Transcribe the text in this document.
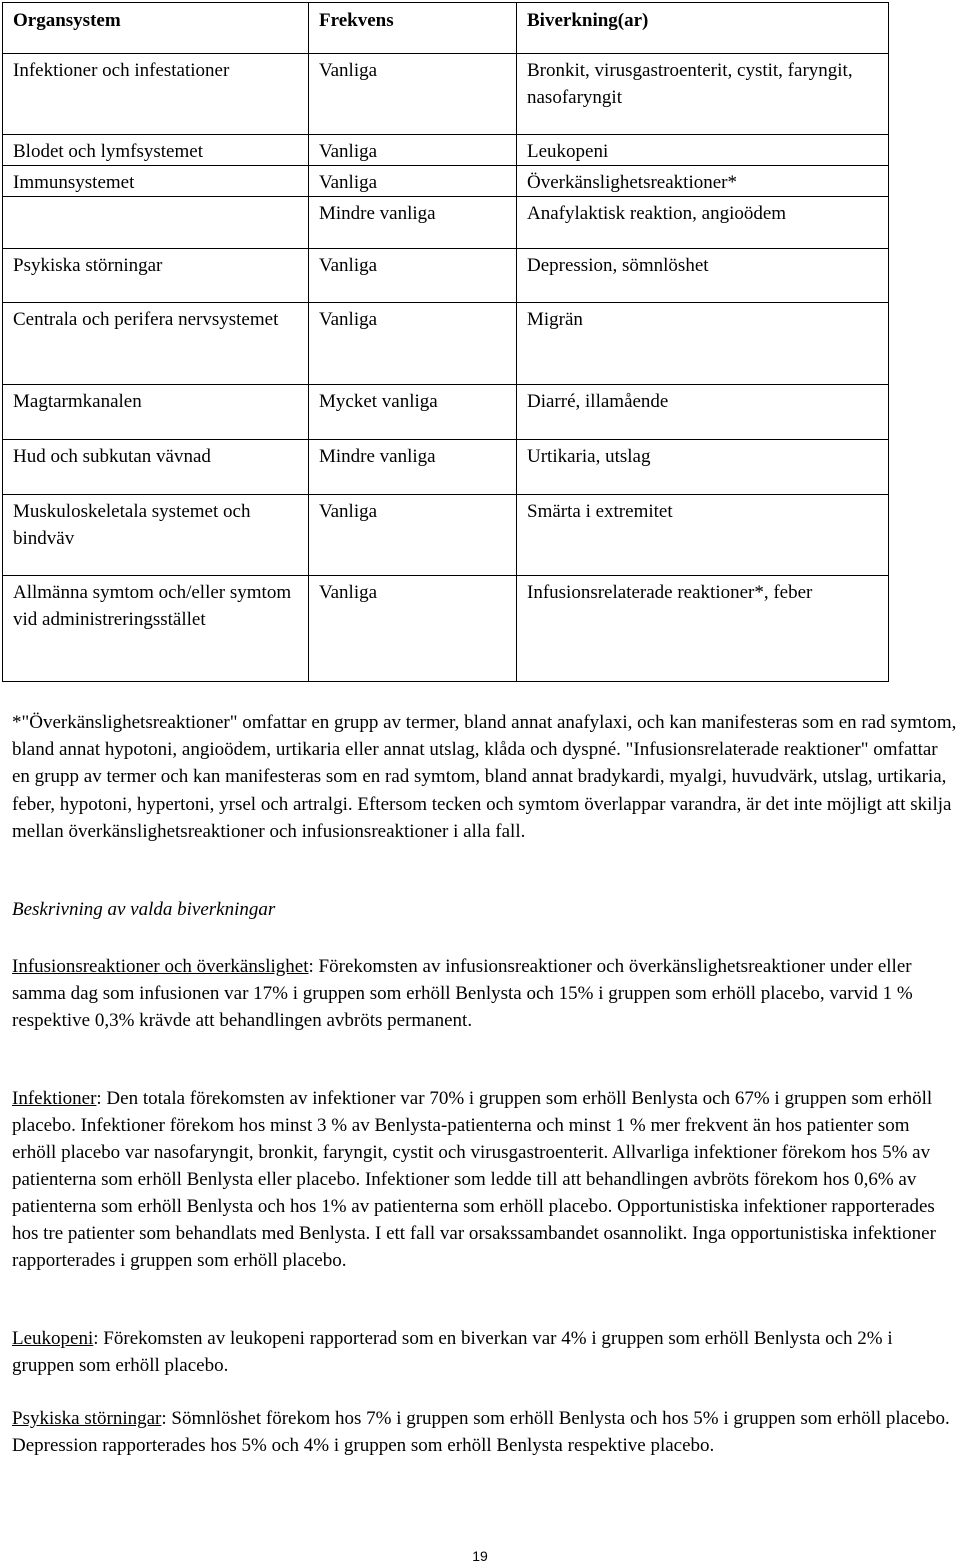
Organsystem	Frekvens	Biverkning(ar)
Infektioner och infestationer	Vanliga	Bronkit, virusgastroenterit, cystit, faryngit, nasofaryngit
Blodet och lymfsystemet	Vanliga	Leukopeni
Immunsystemet	Vanliga	Överkänslighetsreaktioner*
	Mindre vanliga	Anafylaktisk reaktion, angioödem
Psykiska störningar	Vanliga	Depression, sömnlöshet
Centrala och perifera nervsystemet	Vanliga	Migrän
Magtarmkanalen	Mycket vanliga	Diarré, illamående
Hud och subkutan vävnad	Mindre vanliga	Urtikaria, utslag
Muskuloskeletala systemet och bindväv	Vanliga	Smärta i extremitet
Allmänna symtom och/eller symtom vid administreringsstället	Vanliga	Infusionsrelaterade reaktioner*, feber
*"Överkänslighetsreaktioner" omfattar en grupp av termer, bland annat anafylaxi, och kan manifesteras som en rad symtom, bland annat hypotoni, angioödem, urtikaria eller annat utslag, klåda och dyspné. "Infusionsrelaterade reaktioner" omfattar en grupp av termer och kan manifesteras som en rad symtom, bland annat bradykardi, myalgi, huvudvärk, utslag, urtikaria, feber, hypotoni, hypertoni, yrsel och artralgi. Eftersom tecken och symtom överlappar varandra, är det inte möjligt att skilja mellan överkänslighetsreaktioner och infusionsreaktioner i alla fall.
Beskrivning av valda biverkningar
Infusionsreaktioner och överkänslighet: Förekomsten av infusionsreaktioner och överkänslighetsreaktioner under eller samma dag som infusionen var 17% i gruppen som erhöll Benlysta och 15% i gruppen som erhöll placebo, varvid 1 % respektive 0,3% krävde att behandlingen avbröts permanent.
Infektioner: Den totala förekomsten av infektioner var 70% i gruppen som erhöll Benlysta och 67% i gruppen som erhöll placebo. Infektioner förekom hos minst 3 % av Benlysta-patienterna och minst 1 % mer frekvent än hos patienter som erhöll placebo var nasofaryngit, bronkit, faryngit, cystit och virusgastroenterit. Allvarliga infektioner förekom hos 5% av patienterna som erhöll Benlysta eller placebo. Infektioner som ledde till att behandlingen avbröts förekom hos 0,6% av patienterna som erhöll Benlysta och hos 1% av patienterna som erhöll placebo. Opportunistiska infektioner rapporterades hos tre patienter som behandlats med Benlysta. I ett fall var orsakssambandet osannolikt. Inga opportunistiska infektioner rapporterades i gruppen som erhöll placebo.
Leukopeni: Förekomsten av leukopeni rapporterad som en biverkan var 4% i gruppen som erhöll Benlysta och 2% i gruppen som erhöll placebo.
Psykiska störningar: Sömnlöshet förekom hos 7% i gruppen som erhöll Benlysta och hos 5% i gruppen som erhöll placebo. Depression rapporterades hos 5% och 4% i gruppen som erhöll Benlysta respektive placebo.
19
